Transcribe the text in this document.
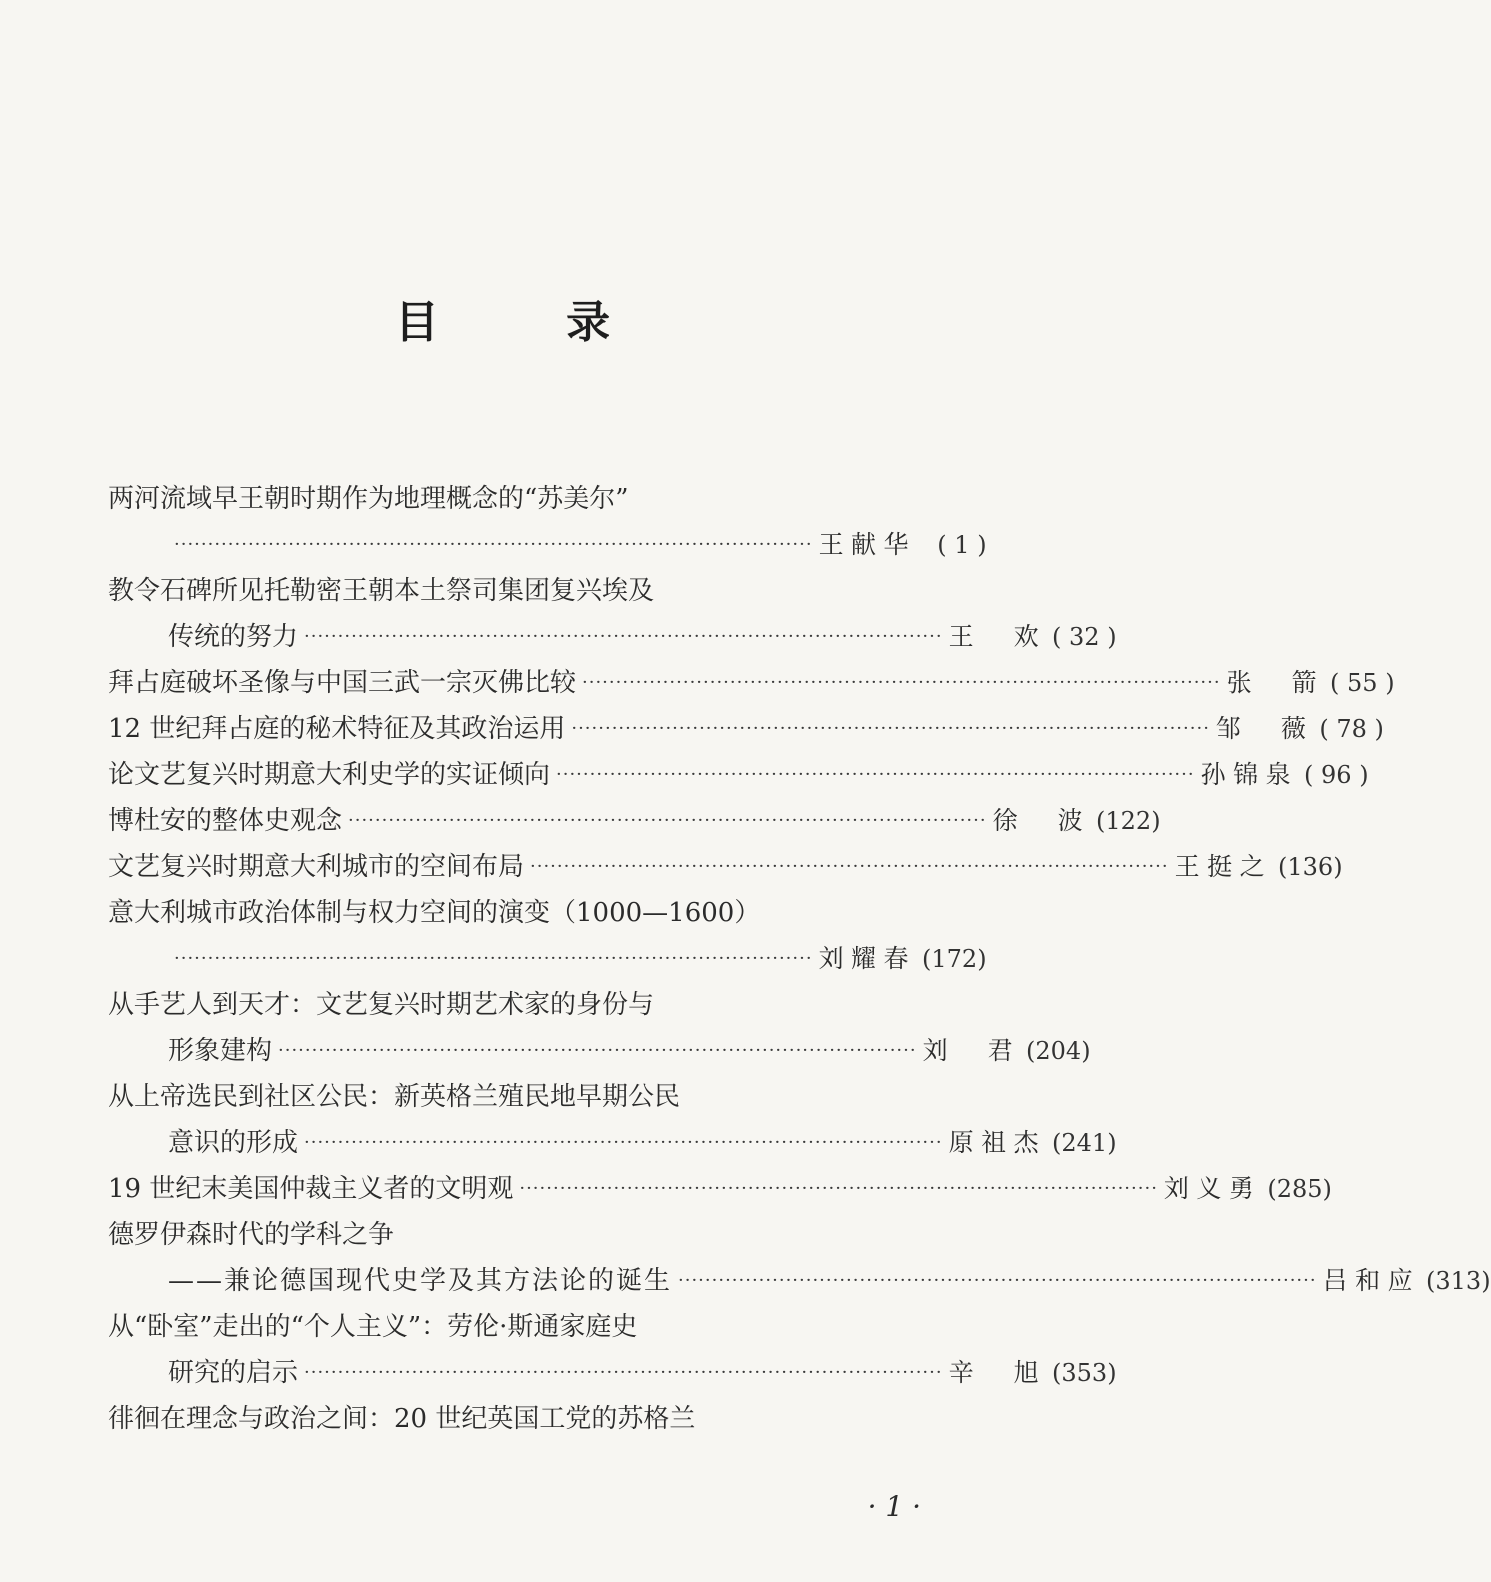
目 录
两河流域早王朝时期作为地理概念的“苏美尔”
······························································································· 王献华	( 1 )
教令石碑所见托勒密王朝本土祭司集团复兴埃及
传统的努力 ······························································································· 王　欢 ( 32 )
拜占庭破坏圣像与中国三武一宗灭佛比较 ······························································································· 张　箭 ( 55 )
12 世纪拜占庭的秘术特征及其政治运用 ······························································································· 邹　薇 ( 78 )
论文艺复兴时期意大利史学的实证倾向 ······························································································· 孙锦泉 ( 96 )
博杜安的整体史观念 ······························································································· 徐　波 (122)
文艺复兴时期意大利城市的空间布局 ······························································································· 王挺之 (136)
意大利城市政治体制与权力空间的演变（1000—1600）
······························································································· 刘耀春 (172)
从手艺人到天才：文艺复兴时期艺术家的身份与
形象建构 ······························································································· 刘　君 (204)
从上帝选民到社区公民：新英格兰殖民地早期公民
意识的形成 ······························································································· 原祖杰 (241)
19 世纪末美国仲裁主义者的文明观 ······························································································· 刘义勇 (285)
德罗伊森时代的学科之争
——兼论德国现代史学及其方法论的诞生 ······························································································· 吕和应 (313)
从“卧室”走出的“个人主义”：劳伦·斯通家庭史
研究的启示 ······························································································· 辛　旭 (353)
徘徊在理念与政治之间：20 世纪英国工党的苏格兰
· 1 ·
